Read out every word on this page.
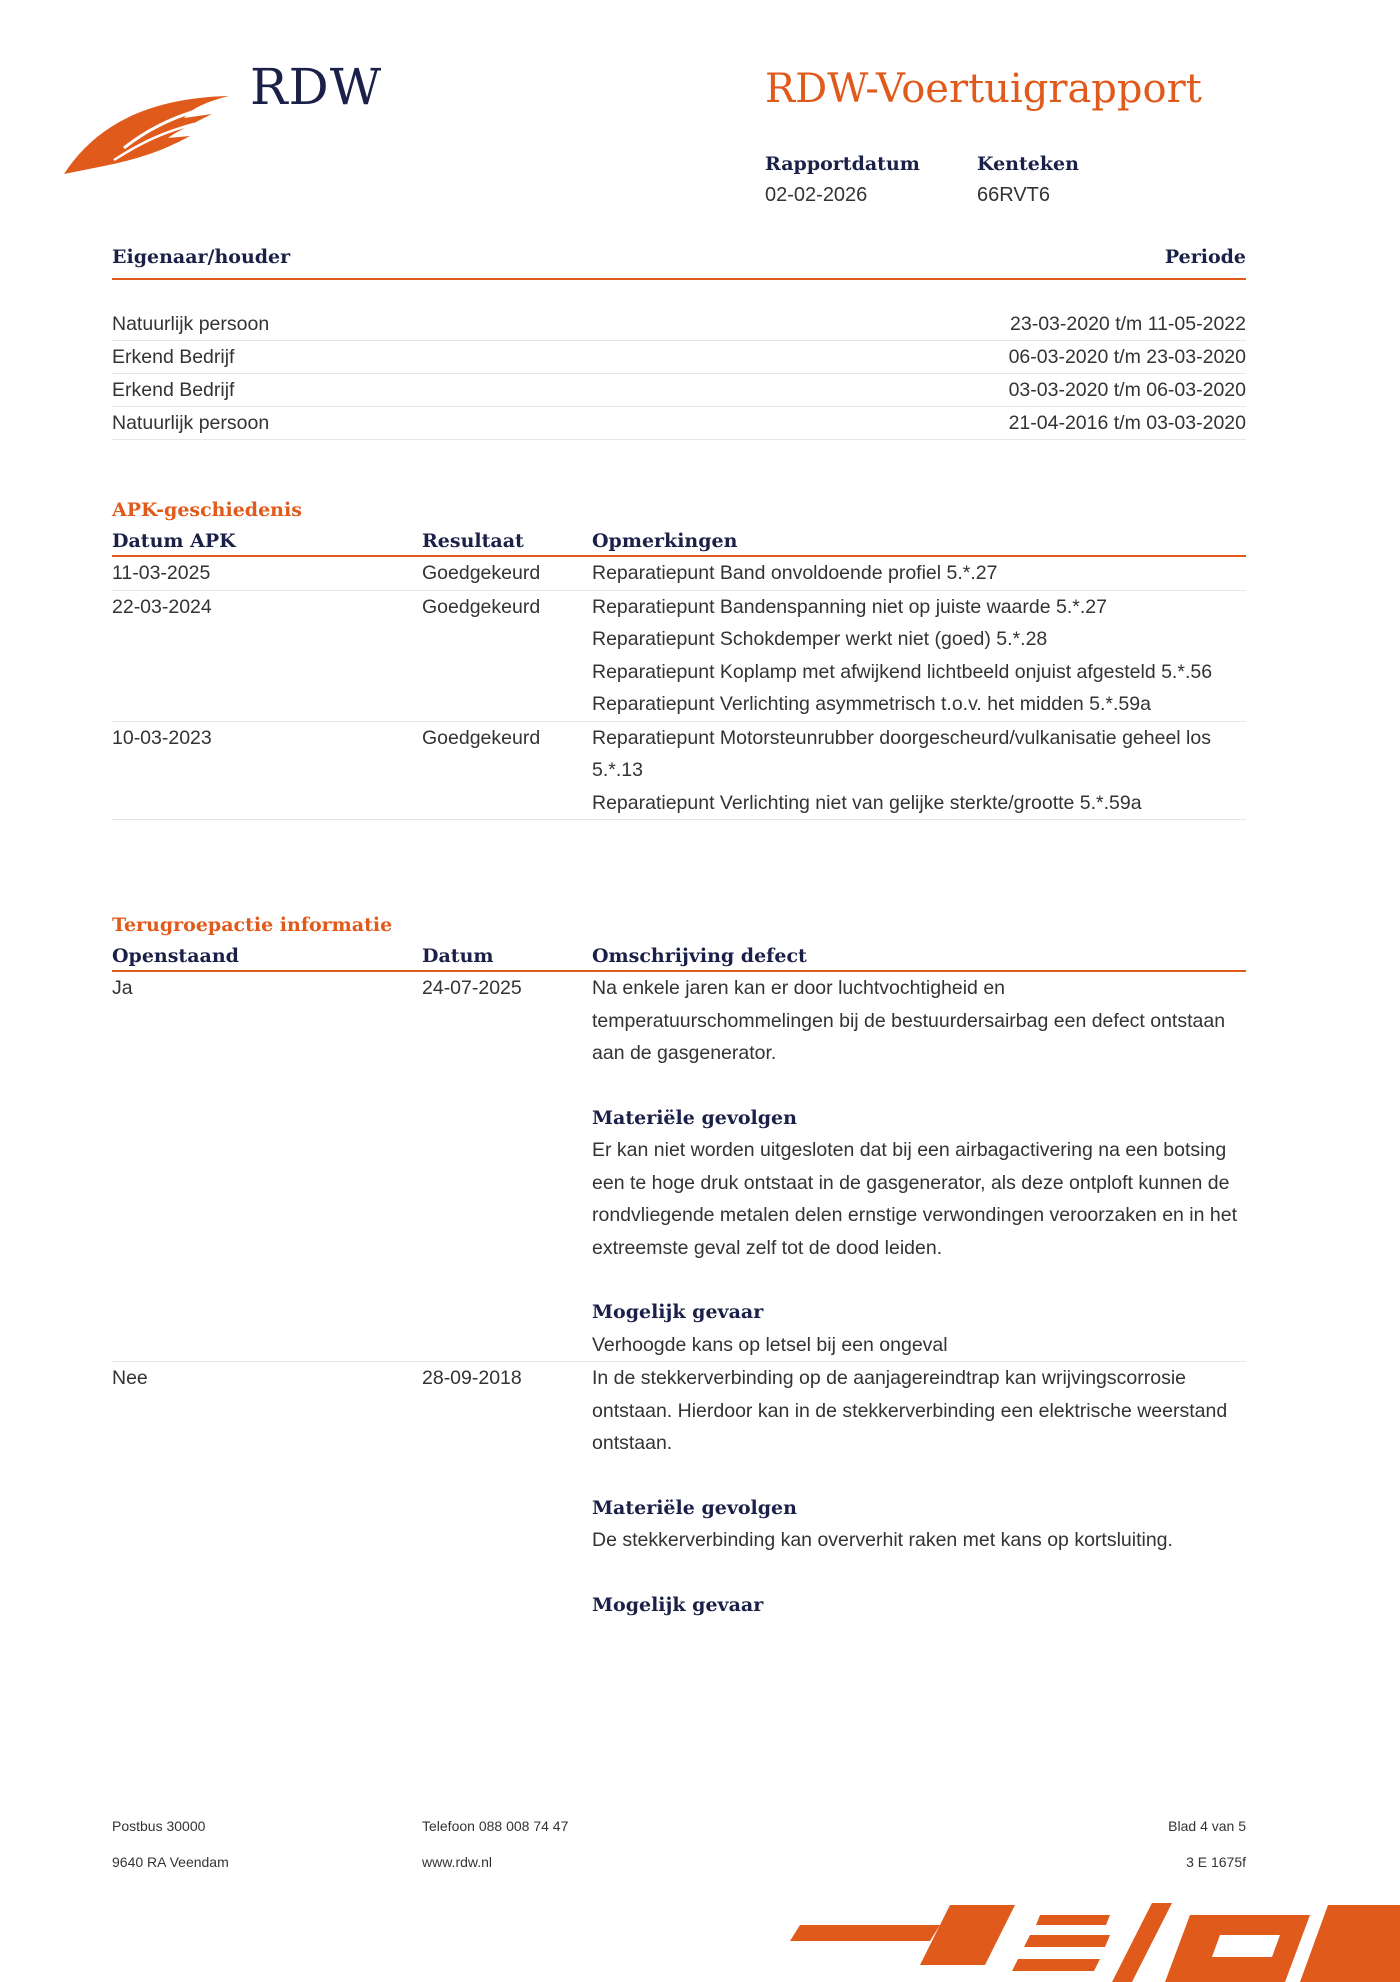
RDW	RDW-Voertuigrapport
Rapportdatum
02-02-2026
Kenteken
66RVT6
Eigenaar/houder	Periode
Natuurlijk persoon	23-03-2020 t/m 11-05-2022
Erkend Bedrijf	06-03-2020 t/m 23-03-2020
Erkend Bedrijf	03-03-2020 t/m 06-03-2020
Natuurlijk persoon	21-04-2016 t/m 03-03-2020
APK-geschiedenis
Datum APK	Resultaat	Opmerkingen
11-03-2025	Goedgekeurd	Reparatiepunt Band onvoldoende profiel 5.*.27
22-03-2024	Goedgekeurd	Reparatiepunt Bandenspanning niet op juiste waarde 5.*.27
Reparatiepunt Schokdemper werkt niet (goed) 5.*.28
Reparatiepunt Koplamp met afwijkend lichtbeeld onjuist afgesteld 5.*.56
Reparatiepunt Verlichting asymmetrisch t.o.v. het midden 5.*.59a
10-03-2023	Goedgekeurd	Reparatiepunt Motorsteunrubber doorgescheurd/vulkanisatie geheel los 5.*.13
Reparatiepunt Verlichting niet van gelijke sterkte/grootte 5.*.59a
Terugroepactie informatie
Openstaand	Datum	Omschrijving defect
Ja	24-07-2025	Na enkele jaren kan er door luchtvochtigheid en temperatuurschommelingen bij de bestuurdersairbag een defect ontstaan aan de gasgenerator.
Materiële gevolgen
Er kan niet worden uitgesloten dat bij een airbagactivering na een botsing een te hoge druk ontstaat in de gasgenerator, als deze ontploft kunnen de rondvliegende metalen delen ernstige verwondingen veroorzaken en in het extreemste geval zelf tot de dood leiden.
Mogelijk gevaar
Verhoogde kans op letsel bij een ongeval
Nee	28-09-2018	In de stekkerverbinding op de aanjagereindtrap kan wrijvingscorrosie ontstaan. Hierdoor kan in de stekkerverbinding een elektrische weerstand ontstaan.
Materiële gevolgen
De stekkerverbinding kan oververhit raken met kans op kortsluiting.
Mogelijk gevaar
Postbus 30000
9640 RA Veendam
Telefoon 088 008 74 47
www.rdw.nl
Blad 4 van 5
3 E 1675f
